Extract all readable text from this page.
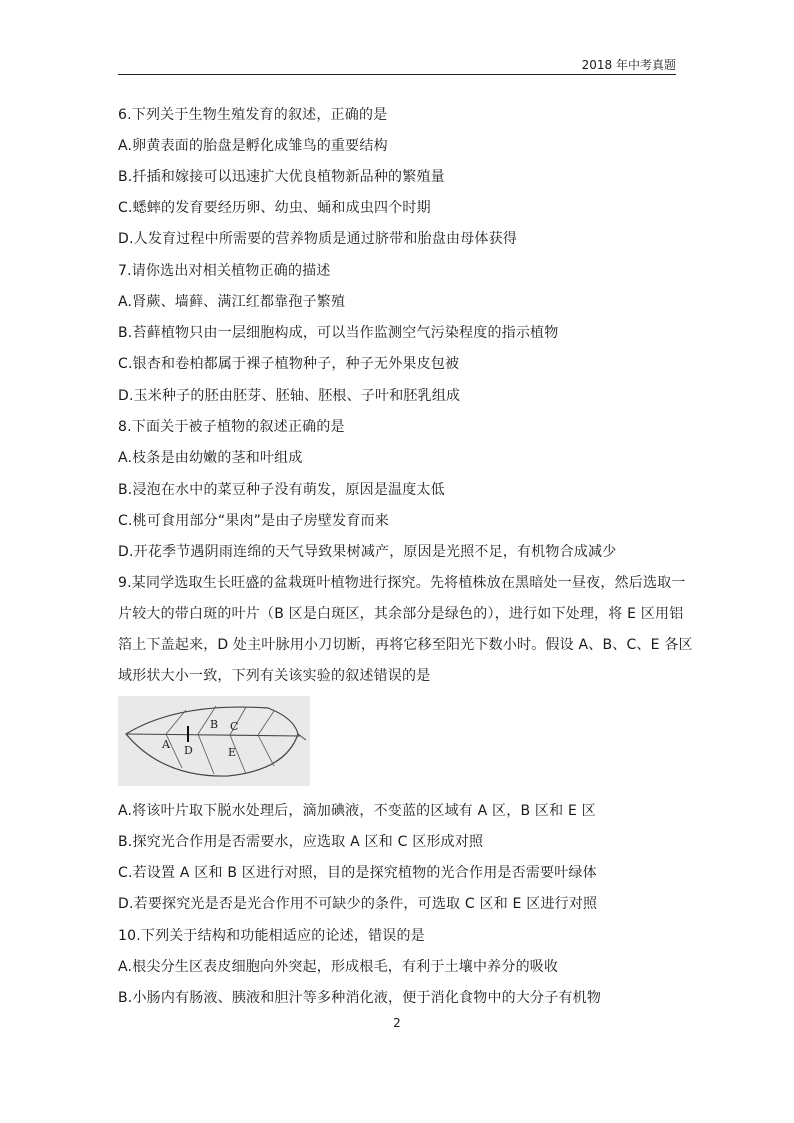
2018 年中考真题
6.下列关于生物生殖发育的叙述，正确的是
A.卵黄表面的胎盘是孵化成雏鸟的重要结构
B.扦插和嫁接可以迅速扩大优良植物新品种的繁殖量
C.蟋蟀的发育要经历卵、幼虫、蛹和成虫四个时期
D.人发育过程中所需要的营养物质是通过脐带和胎盘由母体获得
7.请你选出对相关植物正确的描述
A.肾蕨、墙藓、满江红都靠孢子繁殖
B.苔藓植物只由一层细胞构成，可以当作监测空气污染程度的指示植物
C.银杏和卷柏都属于裸子植物种子，种子无外果皮包被
D.玉米种子的胚由胚芽、胚轴、胚根、子叶和胚乳组成
8.下面关于被子植物的叙述正确的是
A.枝条是由幼嫩的茎和叶组成
B.浸泡在水中的菜豆种子没有萌发，原因是温度太低
C.桃可食用部分“果肉”是由子房壁发育而来
D.开花季节遇阴雨连绵的天气导致果树减产，原因是光照不足，有机物合成减少
9.某同学选取生长旺盛的盆栽斑叶植物进行探究。先将植株放在黑暗处一昼夜，然后选取一
片较大的带白斑的叶片（B 区是白斑区，其余部分是绿色的），进行如下处理，将 E 区用铝
箔上下盖起来，D 处主叶脉用小刀切断，再将它移至阳光下数小时。假设 A、B、C、E 各区
域形状大小一致，下列有关该实验的叙述错误的是
A D
B C
E
A.将该叶片取下脱水处理后，滴加碘液，不变蓝的区域有 A 区，B 区和 E 区
B.探究光合作用是否需要水，应选取 A 区和 C 区形成对照
C.若设置 A 区和 B 区进行对照，目的是探究植物的光合作用是否需要叶绿体
D.若要探究光是否是光合作用不可缺少的条件，可选取 C 区和 E 区进行对照
10.下列关于结构和功能相适应的论述，错误的是
A.根尖分生区表皮细胞向外突起，形成根毛，有利于土壤中养分的吸收
B.小肠内有肠液、胰液和胆汁等多种消化液，便于消化食物中的大分子有机物
2
